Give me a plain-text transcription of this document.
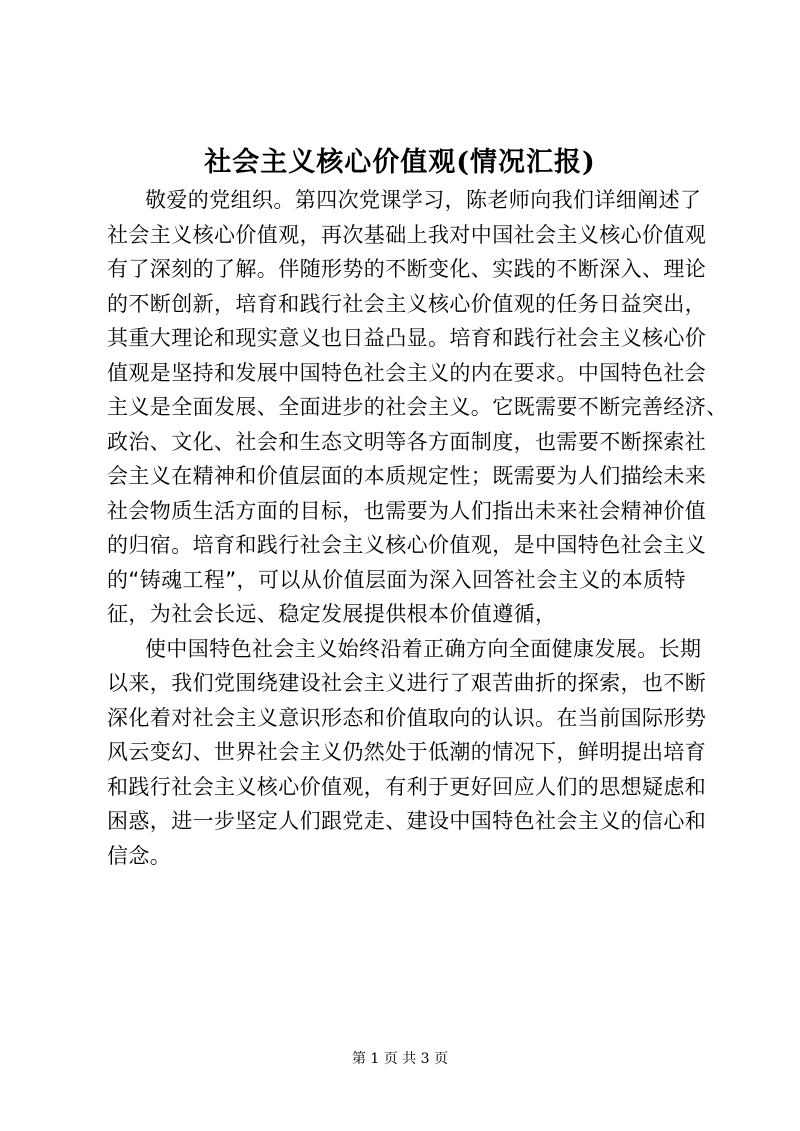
社会主义核心价值观(情况汇报)
敬爱的党组织。第四次党课学习，陈老师向我们详细阐述了
社会主义核心价值观，再次基础上我对中国社会主义核心价值观
有了深刻的了解。伴随形势的不断变化、实践的不断深入、理论
的不断创新，培育和践行社会主义核心价值观的任务日益突出，
其重大理论和现实意义也日益凸显。培育和践行社会主义核心价
值观是坚持和发展中国特色社会主义的内在要求。中国特色社会
主义是全面发展、全面进步的社会主义。它既需要不断完善经济、
政治、文化、社会和生态文明等各方面制度，也需要不断探索社
会主义在精神和价值层面的本质规定性；既需要为人们描绘未来
社会物质生活方面的目标，也需要为人们指出未来社会精神价值
的归宿。培育和践行社会主义核心价值观，是中国特色社会主义
的“铸魂工程”，可以从价值层面为深入回答社会主义的本质特
征，为社会长远、稳定发展提供根本价值遵循，
使中国特色社会主义始终沿着正确方向全面健康发展。长期
以来，我们党围绕建设社会主义进行了艰苦曲折的探索，也不断
深化着对社会主义意识形态和价值取向的认识。在当前国际形势
风云变幻、世界社会主义仍然处于低潮的情况下，鲜明提出培育
和践行社会主义核心价值观，有利于更好回应人们的思想疑虑和
困惑，进一步坚定人们跟党走、建设中国特色社会主义的信心和
信念。
第 1 页 共 3 页
